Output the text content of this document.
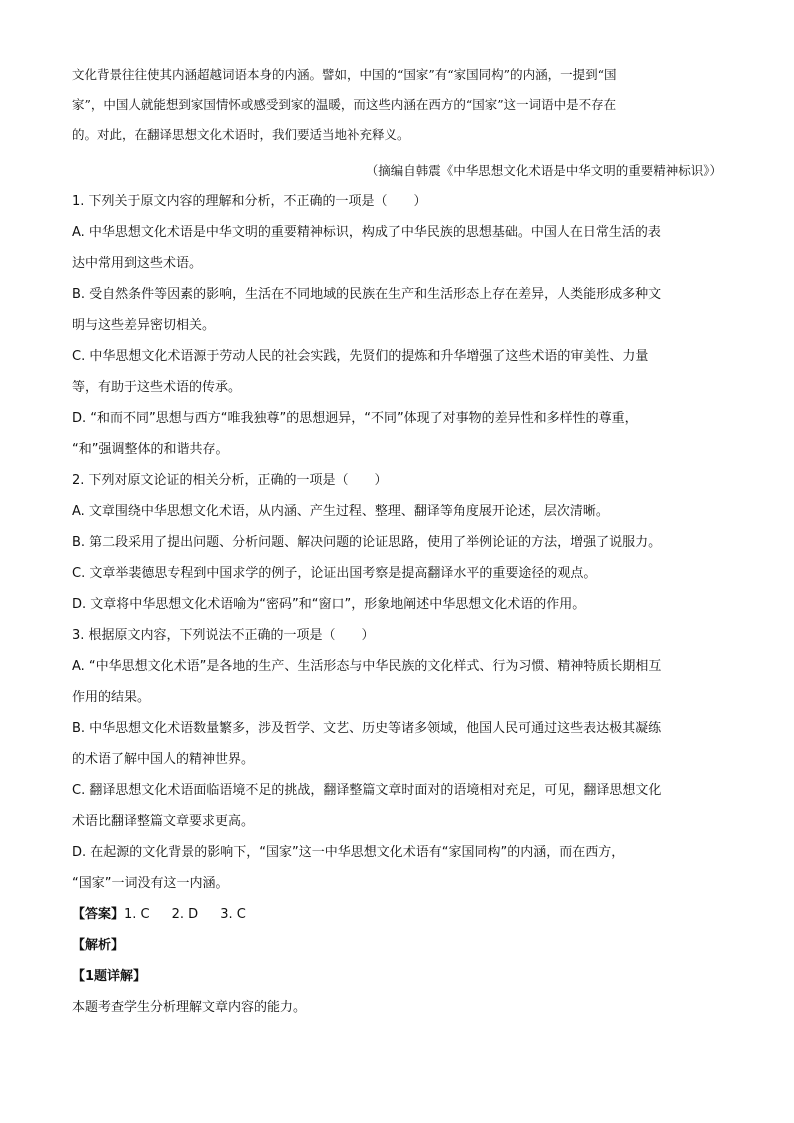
文化背景往往使其内涵超越词语本身的内涵。譬如，中国的“国家”有“家国同构”的内涵，一提到“国

家”，中国人就能想到家国情怀或感受到家的温暖，而这些内涵在西方的“国家”这一词语中是不存在

的。对此，在翻译思想文化术语时，我们要适当地补充释义。

（摘编自韩震《中华思想文化术语是中华文明的重要精神标识》）

1. 下列关于原文内容的理解和分析，不正确的一项是（　　）

A. 中华思想文化术语是中华文明的重要精神标识，构成了中华民族的思想基础。中国人在日常生活的表

达中常用到这些术语。

B. 受自然条件等因素的影响，生活在不同地域的民族在生产和生活形态上存在差异，人类能形成多种文

明与这些差异密切相关。

C. 中华思想文化术语源于劳动人民的社会实践，先贤们的提炼和升华增强了这些术语的审美性、力量

等，有助于这些术语的传承。

D. “和而不同”思想与西方“唯我独尊”的思想迥异，“不同”体现了对事物的差异性和多样性的尊重，

“和”强调整体的和谐共存。

2. 下列对原文论证的相关分析，正确的一项是（　　）

A. 文章围绕中华思想文化术语，从内涵、产生过程、整理、翻译等角度展开论述，层次清晰。

B. 第二段采用了提出问题、分析问题、解决问题的论证思路，使用了举例论证的方法，增强了说服力。

C. 文章举裴德思专程到中国求学的例子，论证出国考察是提高翻译水平的重要途径的观点。

D. 文章将中华思想文化术语喻为“密码”和“窗口”，形象地阐述中华思想文化术语的作用。

3. 根据原文内容，下列说法不正确的一项是（　　）

A. “中华思想文化术语”是各地的生产、生活形态与中华民族的文化样式、行为习惯、精神特质长期相互

作用的结果。

B. 中华思想文化术语数量繁多，涉及哲学、文艺、历史等诸多领域，他国人民可通过这些表达极其凝练

的术语了解中国人的精神世界。

C. 翻译思想文化术语面临语境不足的挑战，翻译整篇文章时面对的语境相对充足，可见，翻译思想文化

术语比翻译整篇文章要求更高。

D. 在起源的文化背景的影响下，“国家”这一中华思想文化术语有“家国同构”的内涵，而在西方，

“国家”一词没有这一内涵。

【答案】1. C 2. D 3. C

【解析】

【1题详解】

本题考查学生分析理解文章内容的能力。
